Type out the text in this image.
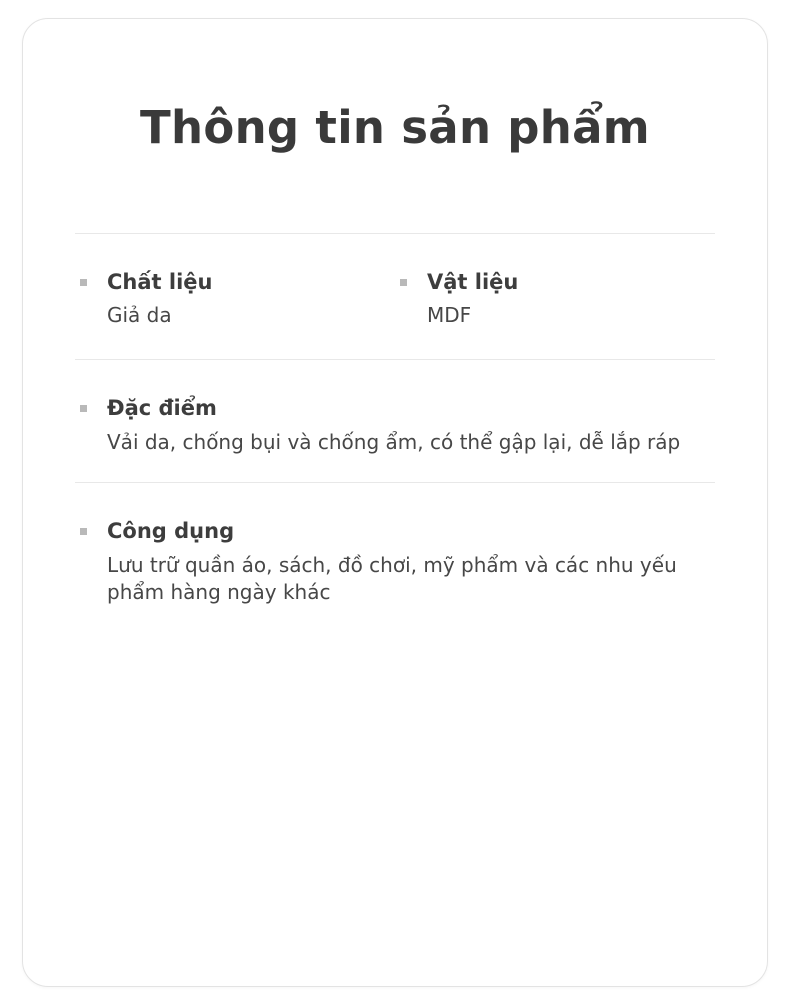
Thông tin sản phẩm
Chất liệu
Giả da
Vật liệu
MDF
Đặc điểm
Vải da, chống bụi và chống ẩm, có thể gập lại, dễ lắp ráp
Công dụng
Lưu trữ quần áo, sách, đồ chơi, mỹ phẩm và các nhu yếu phẩm hàng ngày khác
